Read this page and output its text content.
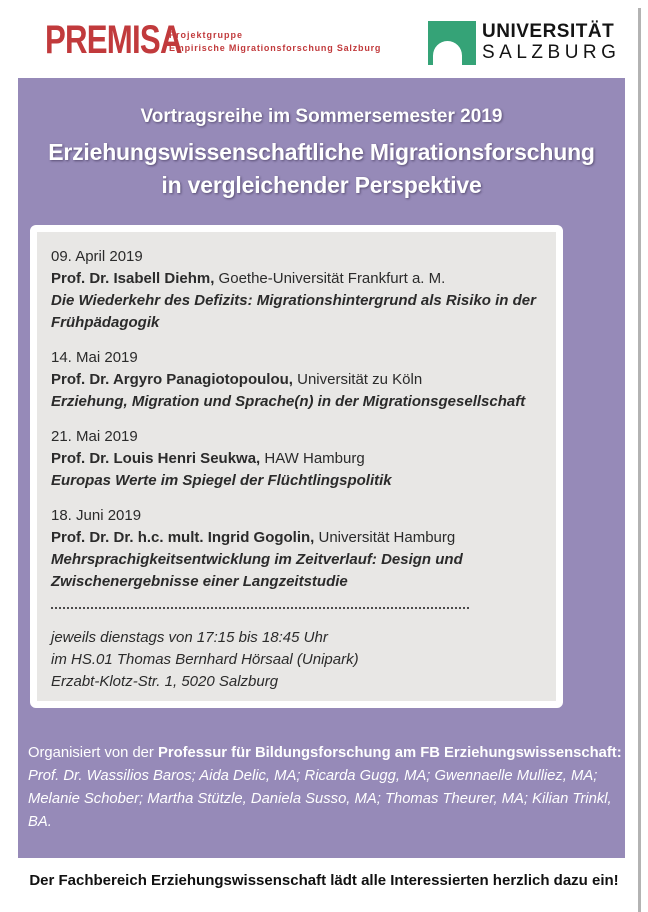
PREMISA
Projektgruppe
Empirische Migrationsforschung Salzburg
UNIVERSITÄT
SALZBURG
Vortragsreihe im Sommersemester 2019
Erziehungswissenschaftliche Migrationsforschung
in vergleichender Perspektive
09. April 2019
Prof. Dr. Isabell Diehm, Goethe-Universität Frankfurt a. M.
Die Wiederkehr des Defizits: Migrationshintergrund als Risiko in der Frühpädagogik
14. Mai 2019
Prof. Dr. Argyro Panagiotopoulou, Universität zu Köln
Erziehung, Migration und Sprache(n) in der Migrationsgesellschaft
21. Mai 2019
Prof. Dr. Louis Henri Seukwa, HAW Hamburg
Europas Werte im Spiegel der Flüchtlingspolitik
18. Juni 2019
Prof. Dr. Dr. h.c. mult. Ingrid Gogolin, Universität Hamburg
Mehrsprachigkeitsentwicklung im Zeitverlauf: Design und Zwischenergebnisse einer Langzeitstudie
jeweils dienstags von 17:15 bis 18:45 Uhr
im HS.01 Thomas Bernhard Hörsaal (Unipark)
Erzabt-Klotz-Str. 1, 5020 Salzburg
Organisiert von der Professur für Bildungsforschung am FB Erziehungswissenschaft:
Prof. Dr. Wassilios Baros; Aida Delic, MA; Ricarda Gugg, MA; Gwennaelle Mulliez, MA; Melanie Schober; Martha Stützle, Daniela Susso, MA; Thomas Theurer, MA; Kilian Trinkl, BA.
Der Fachbereich Erziehungswissenschaft lädt alle Interessierten herzlich dazu ein!
